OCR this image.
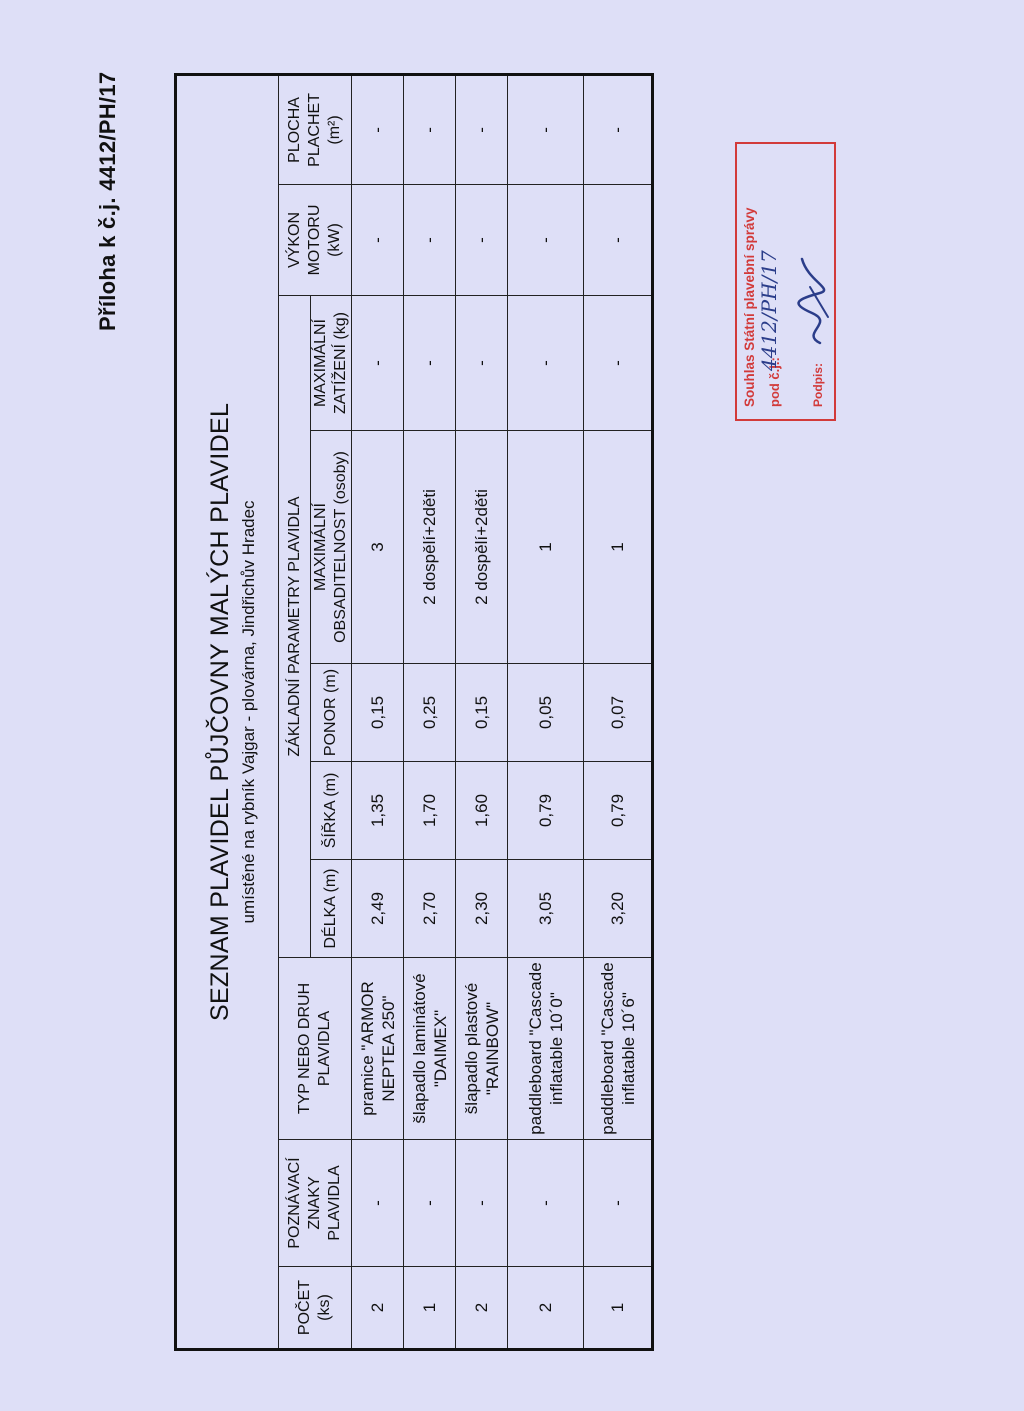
SEZNAM PLAVIDEL PŮJČOVNY MALÝCH PLAVIDEL umístěné na rybník Vajgar - plovárna, Jindřichův Hradec									

POČET (ks)	POZNÁVACÍ ZNAKY PLAVIDLA	TYP NEBO DRUH PLAVIDLA	ZÁKLADNÍ PARAMETRY PLAVIDLA					VÝKON MOTORU (kW)	PLOCHA PLACHET (m²)
			DÉLKA (m)	ŠÍŘKA (m)	PONOR (m)	MAXIMÁLNÍ OBSADITELNOST (osoby)	MAXIMÁLNÍ ZATÍŽENÍ (kg)		
2	-	pramice "ARMOR NEPTEA 250"	2,49	1,35	0,15	3	-	-	-
1	-	šlapadlo laminátové "DAIMEX"	2,70	1,70	0,25	2 dospělí+2děti	-	-	-
2	-	šlapadlo plastové "RAINBOW"	2,30	1,60	0,15	2 dospělí+2děti	-	-	-
2	-	paddleboard "Cascade inflatable 10´0"	3,05	0,79	0,05	1	-	-	-
1	-	paddleboard "Cascade inflatable 10´6"	3,20	0,79	0,07	1	-	-	-
Příloha k č.j. 4412/PH/17	Souhlas Státní plavební správy pod č.j.: Podpis:
4412/PH/17
